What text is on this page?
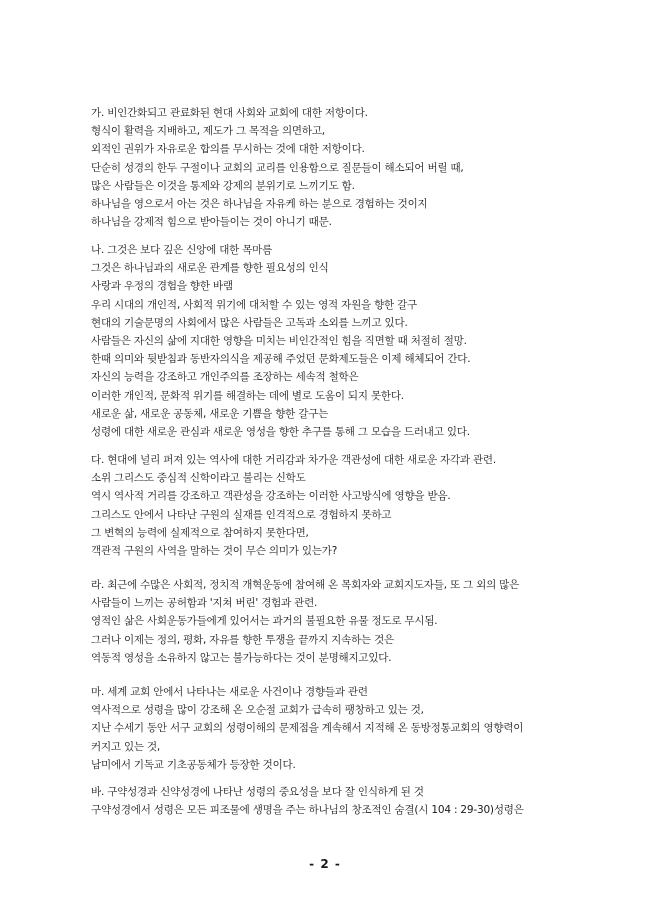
가. 비인간화되고 관료화된 현대 사회와 교회에 대한 저항이다.
형식이 활력을 지배하고, 제도가 그 목적을 의면하고,
외적인 권위가 자유로운 합의를 무시하는 것에 대한 저항이다.
단순히 성경의 한두 구절이나 교회의 교리를 인용함으로 질문들이 해소되어 버릴 때,
많은 사람들은 이것을 통제와 강제의 분위기로 느끼기도 함.
하나님을 영으로서 아는 것은 하나님을 자유케 하는 분으로 경험하는 것이지
하나님을 강제적 힘으로 받아들이는 것이 아니기 때문.
나. 그것은 보다 깊은 신앙에 대한 목마름
그것은 하나님과의 새로운 관계를 향한 필요성의 인식
사랑과 우정의 경험을 향한 바램
우리 시대의 개인적, 사회적 위기에 대처할 수 있는 영적 자원을 향한 갈구
현대의 기술문명의 사회에서 많은 사람들은 고독과 소외를 느끼고 있다.
사람들은 자신의 삶에 지대한 영향을 미치는 비인간적인 힘을 직면할 때 처절히 절망.
한때 의미와 뒷받침과 동반자의식을 제공해 주었던 문화제도들은 이제 해체되어 간다.
자신의 능력을 강조하고 개인주의를 조장하는 세속적 철학은
이러한 개인적, 문화적 위기를 해결하는 데에 별로 도움이 되지 못한다.
새로운 삶, 새로운 공동체, 새로운 기쁨을 향한 갈구는
성령에 대한 새로운 관심과 새로운 영성을 향한 추구를 통해 그 모습을 드러내고 있다.
다. 현대에 널리 퍼져 있는 역사에 대한 거리감과 차가운 객관성에 대한 새로운 자각과 관련.
소위 그리스도 중심적 신학이라고 불리는 신학도
역시 역사적 거리를 강조하고 객관성을 강조하는 이러한 사고방식에 영향을 받음.
그리스도 안에서 나타난 구원의 실재를 인격적으로 경험하지 못하고
그 변혁의 능력에 실제적으로 참여하지 못한다면,
객관적 구원의 사역을 말하는 것이 무슨 의미가 있는가?
라. 최근에 수많은 사회적, 정치적 개혁운동에 참여해 온 목회자와 교회지도자들, 또 그 외의 많은
사람들이 느끼는 공허함과 '지쳐 버린' 경험과 관련.
영적인 삶은 사회운동가들에게 있어서는 과거의 불필요한 유물 정도로 무시됨.
그러나 이제는 정의, 평화, 자유를 향한 투쟁을 끝까지 지속하는 것은
역동적 영성을 소유하지 않고는 불가능하다는 것이 분명해지고있다.
마. 세계 교회 안에서 나타나는 새로운 사건이나 경향들과 관련
역사적으로 성령을 많이 강조해 온 오순절 교회가 급속히 팽창하고 있는 것,
지난 수세기 동안 서구 교회의 성령이해의 문제점을 계속해서 지적해 온 동방정통교회의 영향력이
커지고 있는 것,
남미에서 기독교 기초공동체가 등장한 것이다.
바. 구약성경과 신약성경에 나타난 성령의 중요성을 보다 잘 인식하게 된 것
구약성경에서 성령은 모든 피조물에 생명을 주는 하나님의 창조적인 숨결(시 104 : 29-30)성령은
- 2 -
